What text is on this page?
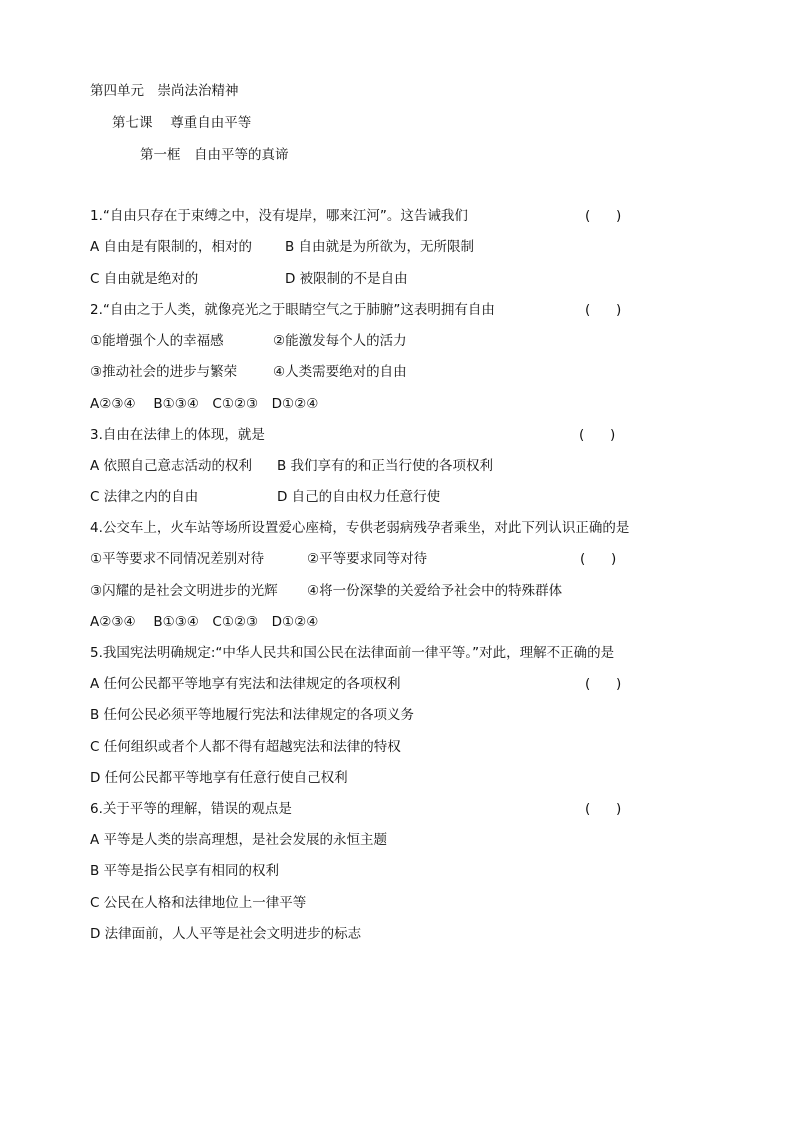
第四单元　崇尚法治精神
第七课　 尊重自由平等
第一框　自由平等的真谛
1.“自由只存在于束缚之中，没有堤岸，哪来江河”。这告诫我们	(      )
A 自由是有限制的，相对的 B 自由就是为所欲为，无所限制
C 自由就是绝对的	D 被限制的不是自由
2.“自由之于人类，就像亮光之于眼睛空气之于肺腑”这表明拥有自由	(      )
①能增强个人的幸福感	②能激发每个人的活力
③推动社会的进步与繁荣	④人类需要绝对的自由
A②③④　 B①③④　C①②③　D①②④
3.自由在法律上的体现，就是	(      )
A 依照自己意志活动的权利 B 我们享有的和正当行使的各项权利
C 法律之内的自由	D 自己的自由权力任意行使
4.公交车上，火车站等场所设置爱心座椅，专供老弱病残孕者乘坐，对此下列认识正确的是
①平等要求不同情况差别对待	②平等要求同等对待	(      )
③闪耀的是社会文明进步的光辉 ④将一份深挚的关爱给予社会中的特殊群体
A②③④　 B①③④　C①②③　D①②④
5.我国宪法明确规定:“中华人民共和国公民在法律面前一律平等。”对此，理解不正确的是
A 任何公民都平等地享有宪法和法律规定的各项权利	(      )
B 任何公民必须平等地履行宪法和法律规定的各项义务
C 任何组织或者个人都不得有超越宪法和法律的特权
D 任何公民都平等地享有任意行使自己权利
6.关于平等的理解，错误的观点是	(      )
A 平等是人类的崇高理想，是社会发展的永恒主题
B 平等是指公民享有相同的权利
C 公民在人格和法律地位上一律平等
D 法律面前，人人平等是社会文明进步的标志
